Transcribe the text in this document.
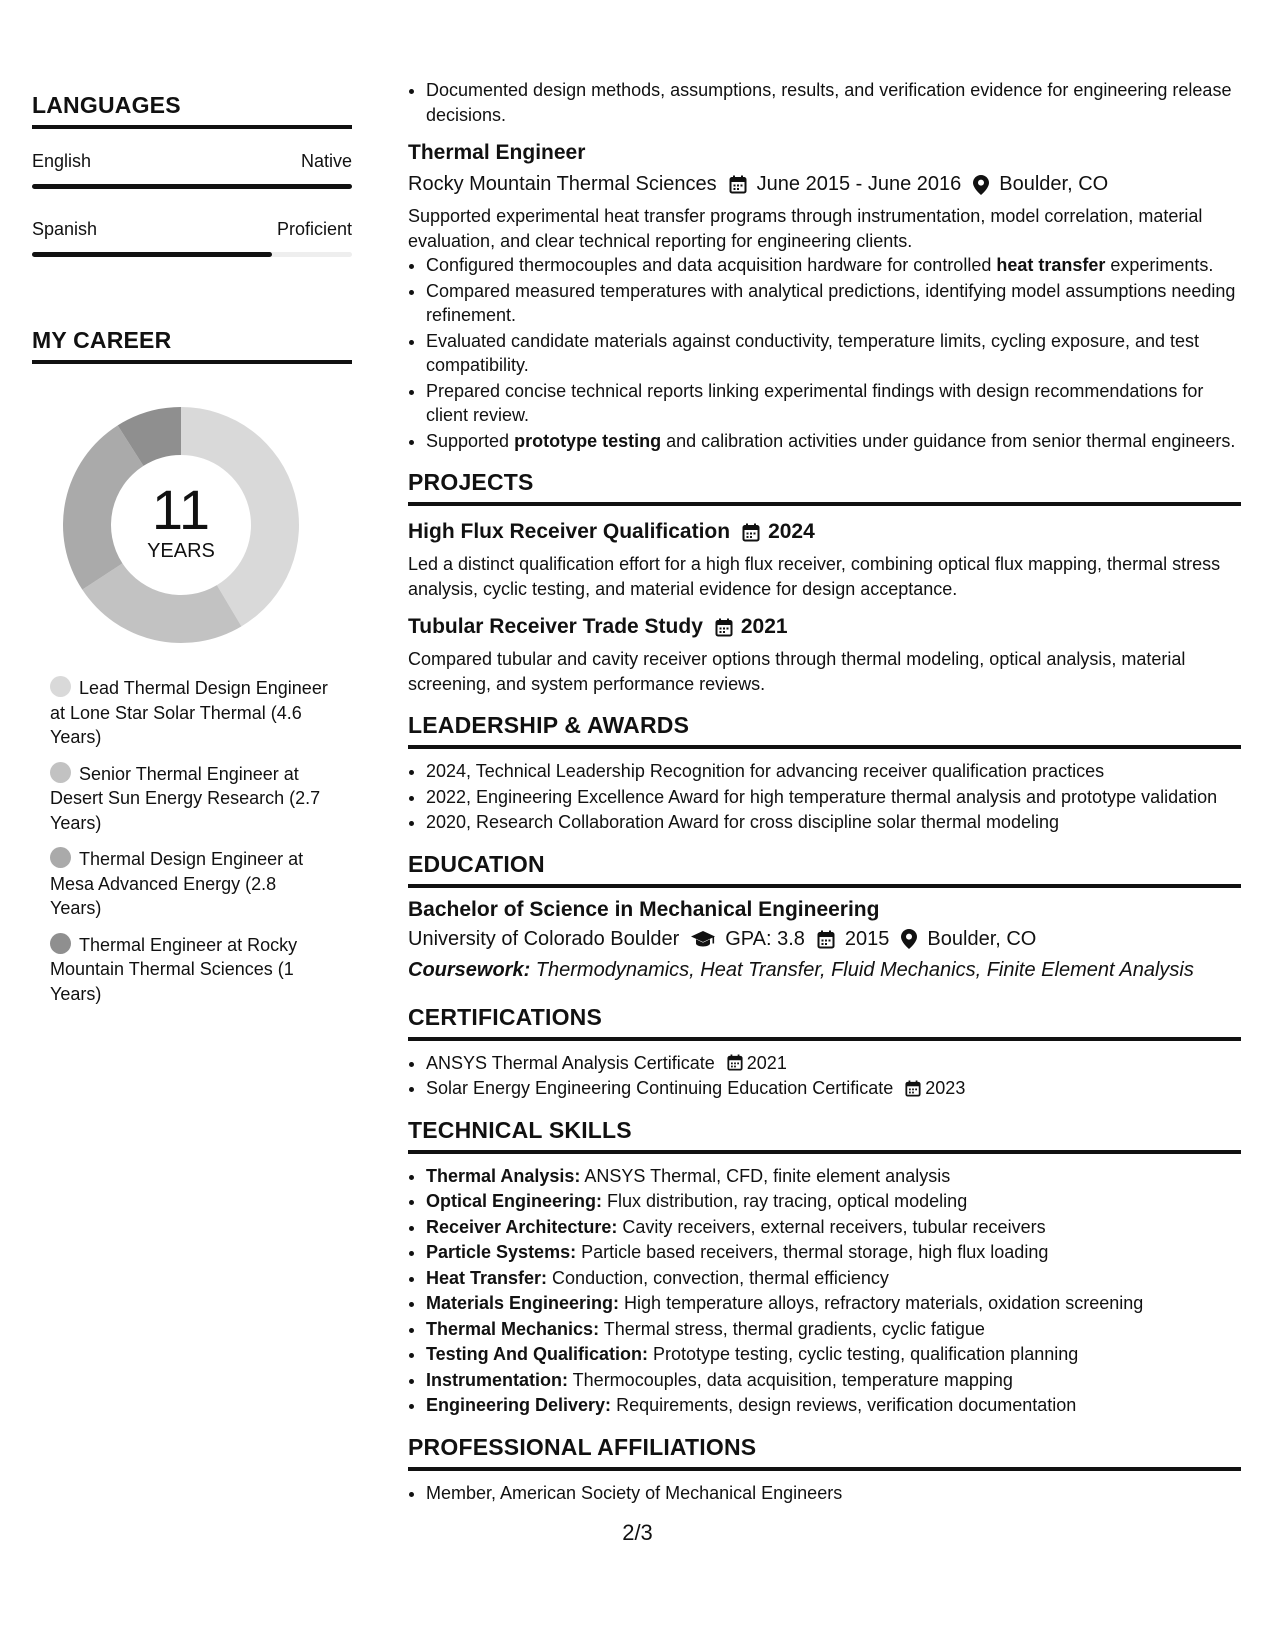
LANGUAGES
English	Native
Spanish	Proficient
MY CAREER
11
YEARS
Lead Thermal Design Engineer at Lone Star Solar Thermal (4.6 Years)
Senior Thermal Engineer at Desert Sun Energy Research (2.7 Years)
Thermal Design Engineer at Mesa Advanced Energy (2.8 Years)
Thermal Engineer at Rocky Mountain Thermal Sciences (1 Years)
• Documented design methods, assumptions, results, and verification evidence for engineering release decisions.
Thermal Engineer
Rocky Mountain Thermal Sciences June 2015 - June 2016 Boulder, CO
Supported experimental heat transfer programs through instrumentation, model correlation, material evaluation, and clear technical reporting for engineering clients.
• Configured thermocouples and data acquisition hardware for controlled heat transfer experiments.
• Compared measured temperatures with analytical predictions, identifying model assumptions needing refinement.
• Evaluated candidate materials against conductivity, temperature limits, cycling exposure, and test compatibility.
• Prepared concise technical reports linking experimental findings with design recommendations for client review.
• Supported prototype testing and calibration activities under guidance from senior thermal engineers.
PROJECTS
High Flux Receiver Qualification 2024
Led a distinct qualification effort for a high flux receiver, combining optical flux mapping, thermal stress analysis, cyclic testing, and material evidence for design acceptance.
Tubular Receiver Trade Study 2021
Compared tubular and cavity receiver options through thermal modeling, optical analysis, material screening, and system performance reviews.
LEADERSHIP & AWARDS
• 2024, Technical Leadership Recognition for advancing receiver qualification practices
• 2022, Engineering Excellence Award for high temperature thermal analysis and prototype validation
• 2020, Research Collaboration Award for cross discipline solar thermal modeling
EDUCATION
Bachelor of Science in Mechanical Engineering
University of Colorado Boulder GPA: 3.8 2015 Boulder, CO
Coursework: Thermodynamics, Heat Transfer, Fluid Mechanics, Finite Element Analysis
CERTIFICATIONS
• ANSYS Thermal Analysis Certificate 2021
• Solar Energy Engineering Continuing Education Certificate 2023
TECHNICAL SKILLS
• Thermal Analysis: ANSYS Thermal, CFD, finite element analysis
• Optical Engineering: Flux distribution, ray tracing, optical modeling
• Receiver Architecture: Cavity receivers, external receivers, tubular receivers
• Particle Systems: Particle based receivers, thermal storage, high flux loading
• Heat Transfer: Conduction, convection, thermal efficiency
• Materials Engineering: High temperature alloys, refractory materials, oxidation screening
• Thermal Mechanics: Thermal stress, thermal gradients, cyclic fatigue
• Testing And Qualification: Prototype testing, cyclic testing, qualification planning
• Instrumentation: Thermocouples, data acquisition, temperature mapping
• Engineering Delivery: Requirements, design reviews, verification documentation
PROFESSIONAL AFFILIATIONS
• Member, American Society of Mechanical Engineers
2/3
